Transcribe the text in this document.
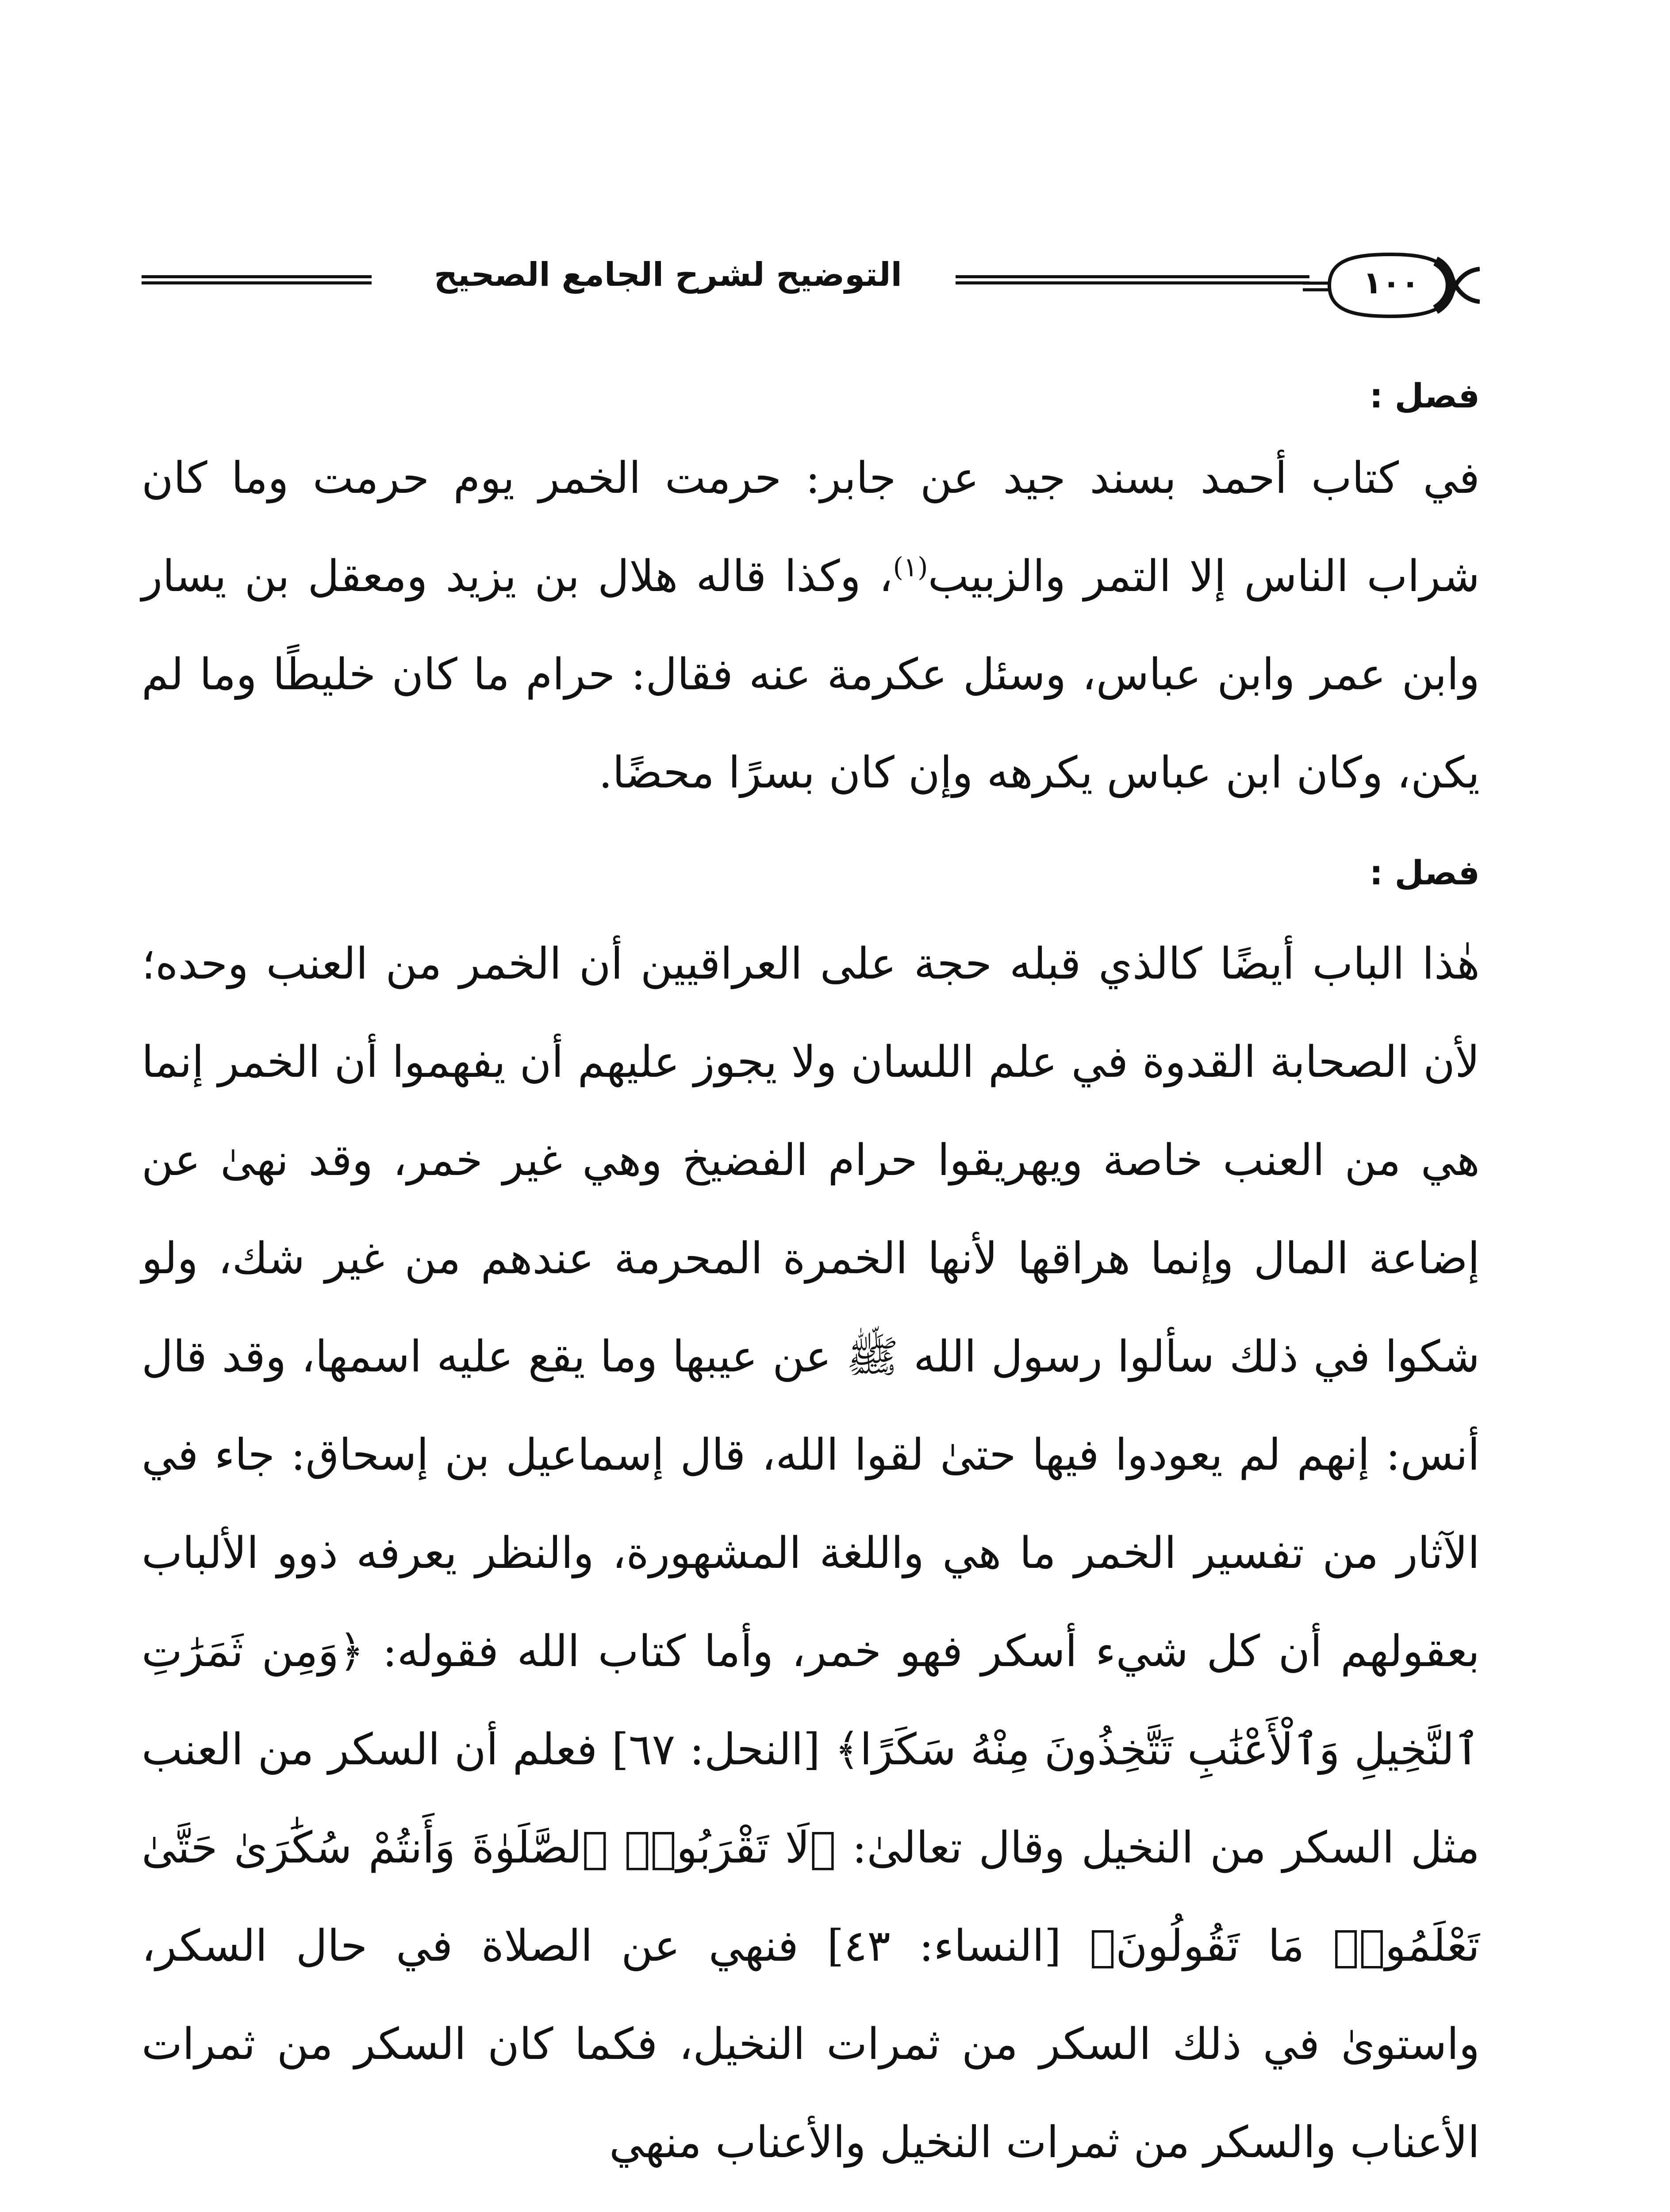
التوضيح لشرح الجامع الصحيح	١٠٠
فصل :

في كتاب أحمد بسند جيد عن جابر: حرمت الخمر يوم حرمت وما كان شراب الناس إلا التمر والزبيب$^{(١)}$، وكذا قاله هلال بن يزيد ومعقل بن يسار وابن عمر وابن عباس، وسئل عكرمة عنه فقال: حرام ما كان خليطًا وما لم يكن، وكان ابن عباس يكرهه وإن كان بسرًا محضًا.

فصل :

هٰذا الباب أيضًا كالذي قبله حجة على العراقيين أن الخمر من العنب وحده؛ لأن الصحابة القدوة في علم اللسان ولا يجوز عليهم أن يفهموا أن الخمر إنما هي من العنب خاصة ويهريقوا حرام الفضيخ وهي غير خمر، وقد نهىٰ عن إضاعة المال وإنما هراقها لأنها الخمرة المحرمة عندهم من غير شك، ولو شكوا في ذلك سألوا رسول الله ﷺ عن عيبها وما يقع عليه اسمها، وقد قال أنس: إنهم لم يعودوا فيها حتىٰ لقوا الله، قال إسماعيل بن إسحاق: جاء في الآثار من تفسير الخمر ما هي واللغة المشهورة، والنظر يعرفه ذوو الألباب بعقولهم أن كل شيء أسكر فهو خمر، وأما كتاب الله فقوله: ﴿وَمِن ثَمَرَٰتِ ٱلنَّخِيلِ وَٱلْأَعْنَٰبِ تَتَّخِذُونَ مِنْهُ سَكَرًا﴾ [النحل: ٦٧] فعلم أن السكر من العنب مثل السكر من النخيل وقال تعالىٰ: ﴿لَا تَقْرَبُوا۟ ٱلصَّلَوٰةَ وَأَنتُمْ سُكَٰرَىٰ حَتَّىٰ تَعْلَمُوا۟ مَا تَقُولُونَ﴾ [النساء: ٤٣] فنهي عن الصلاة في حال السكر، واستوىٰ في ذلك السكر من ثمرات النخيل، فكما كان السكر من ثمرات الأعناب والسكر من ثمرات النخيل والأعناب منهي
